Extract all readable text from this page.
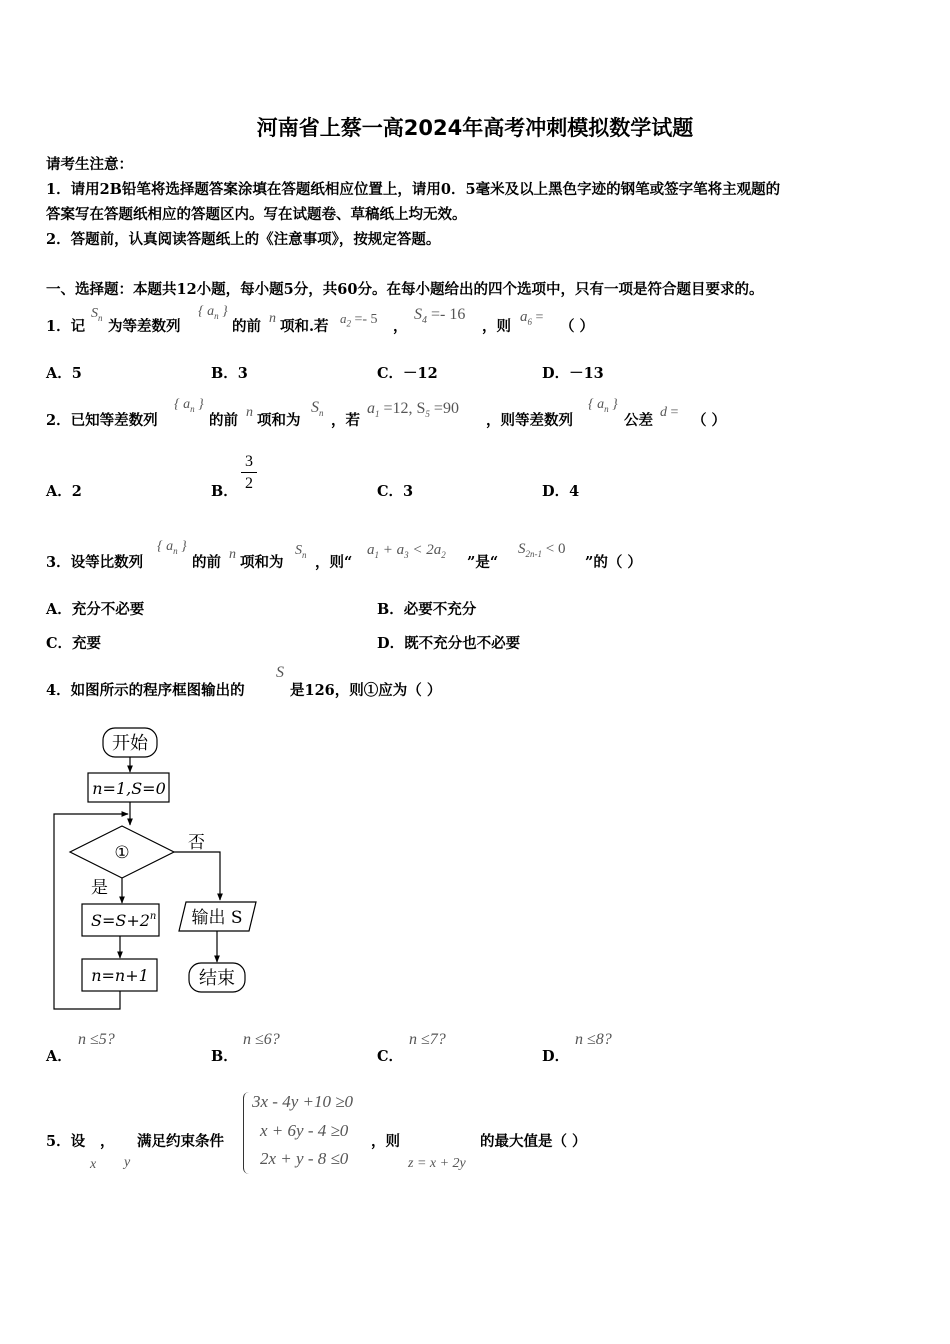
河南省上蔡一高2024年高考冲刺模拟数学试题
请考生注意：
1．请用2B铅笔将选择题答案涂填在答题纸相应位置上，请用0．5毫米及以上黑色字迹的钢笔或签字笔将主观题的
答案写在答题纸相应的答题区内。写在试题卷、草稿纸上均无效。
2．答题前，认真阅读答题纸上的《注意事项》，按规定答题。
一、选择题：本题共12小题，每小题5分，共60分。在每小题给出的四个选项中，只有一项是符合题目要求的。
1．记
$S_n$
为等差数列
{ $a_n$ }
的前 n 项和.若 $a_2 =- 5$ ，
$S_4 =- 16$
，则
$a_6$ =
（ ）
A．5	B．3	C．－12	D．－13
2．已知等差数列
{ $a_n$ }
的前 n 项和为
$S_n$ ，若
$a_1 =12$, $S_5 =90$
，则等差数列
{ $a_n$ }
公差 d = （ ）
A．2	B．
3
2	C．3	D．4
3．设等比数列
{ $a_n$ }
的前 n 项和为
$S_n$ ，则“
$a_1 + a_3 < 2a_2$ ”是“
$S_{2n-1} < 0$
”的（ ）
A．充分不必要	B．必要不充分
C．充要	D．既不充分也不必要
4．如图所示的程序框图输出的
S
是126，则①应为（ ）
开始
n=1,S=0
①	否
是
$S=S+2^n$
n=n+1
输出 S
结束
A．
n ≤5?
B．
n ≤6?
C．
n ≤7?
D．
n ≤8?
5．设
x
，
y
满足约束条件
3x - 4y +10 ≥0
x + 6y - 4 ≥0
2x + y - 8 ≤0
，则
z = x + 2y
的最大值是（ ）
